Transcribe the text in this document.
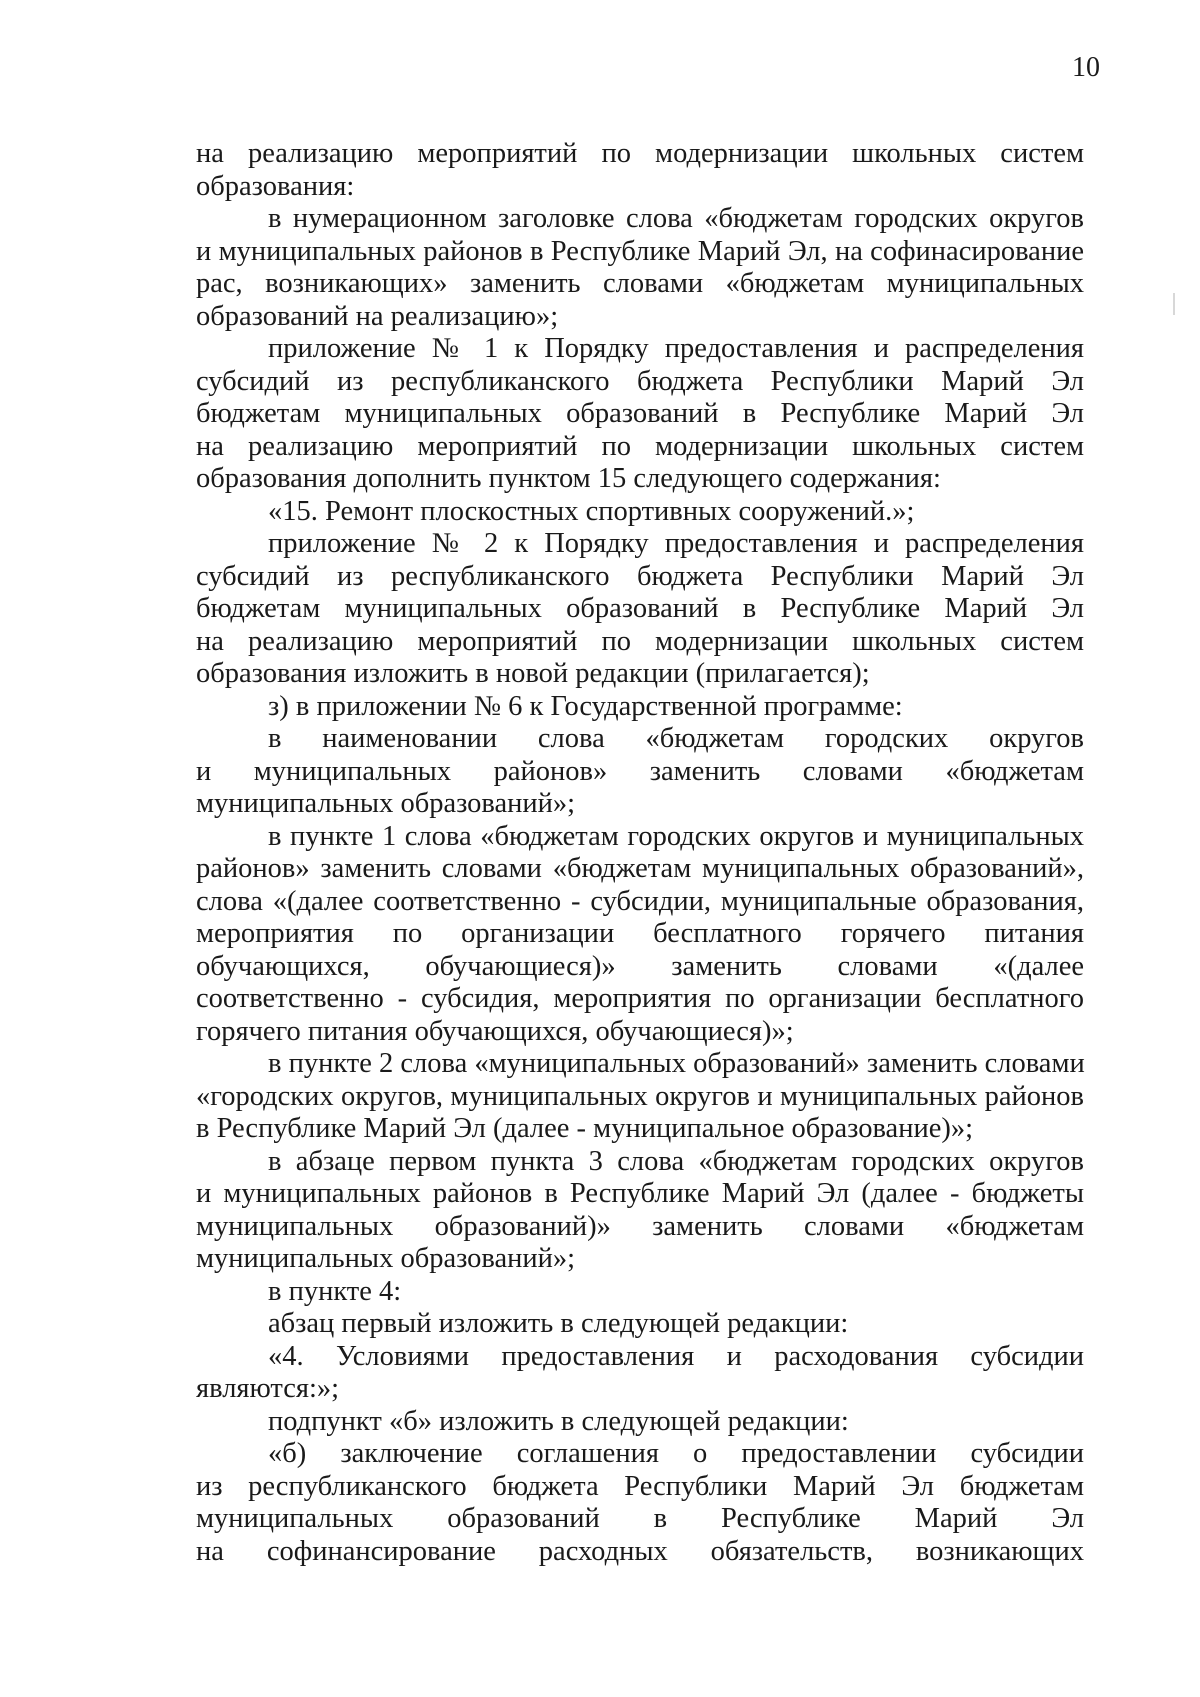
10
на реализацию мероприятий по модернизации школьных систем
образования:
в нумерационном заголовке слова «бюджетам городских округов
и муниципальных районов в Республике Марий Эл, на софинасирование
рас, возникающих» заменить словами «бюджетам муниципальных
образований на реализацию»;
приложение № 1 к Порядку предоставления и распределения
субсидий из республиканского бюджета Республики Марий Эл
бюджетам муниципальных образований в Республике Марий Эл
на реализацию мероприятий по модернизации школьных систем
образования дополнить пунктом 15 следующего содержания:
«15. Ремонт плоскостных спортивных сооружений.»;
приложение № 2 к Порядку предоставления и распределения
субсидий из республиканского бюджета Республики Марий Эл
бюджетам муниципальных образований в Республике Марий Эл
на реализацию мероприятий по модернизации школьных систем
образования изложить в новой редакции (прилагается);
з) в приложении № 6 к Государственной программе:
в наименовании слова «бюджетам городских округов
и муниципальных районов» заменить словами «бюджетам
муниципальных образований»;
в пункте 1 слова «бюджетам городских округов и муниципальных
районов» заменить словами «бюджетам муниципальных образований»,
слова «(далее соответственно - субсидии, муниципальные образования,
мероприятия по организации бесплатного горячего питания
обучающихся, обучающиеся)» заменить словами «(далее
соответственно - субсидия, мероприятия по организации бесплатного
горячего питания обучающихся, обучающиеся)»;
в пункте 2 слова «муниципальных образований» заменить словами
«городских округов, муниципальных округов и муниципальных районов
в Республике Марий Эл (далее - муниципальное образование)»;
в абзаце первом пункта 3 слова «бюджетам городских округов
и муниципальных районов в Республике Марий Эл (далее - бюджеты
муниципальных образований)» заменить словами «бюджетам
муниципальных образований»;
в пункте 4:
абзац первый изложить в следующей редакции:
«4. Условиями предоставления и расходования субсидии
являются:»;
подпункт «б» изложить в следующей редакции:
«б) заключение соглашения о предоставлении субсидии
из республиканского бюджета Республики Марий Эл бюджетам
муниципальных образований в Республике Марий Эл
на софинансирование расходных обязательств, возникающих
